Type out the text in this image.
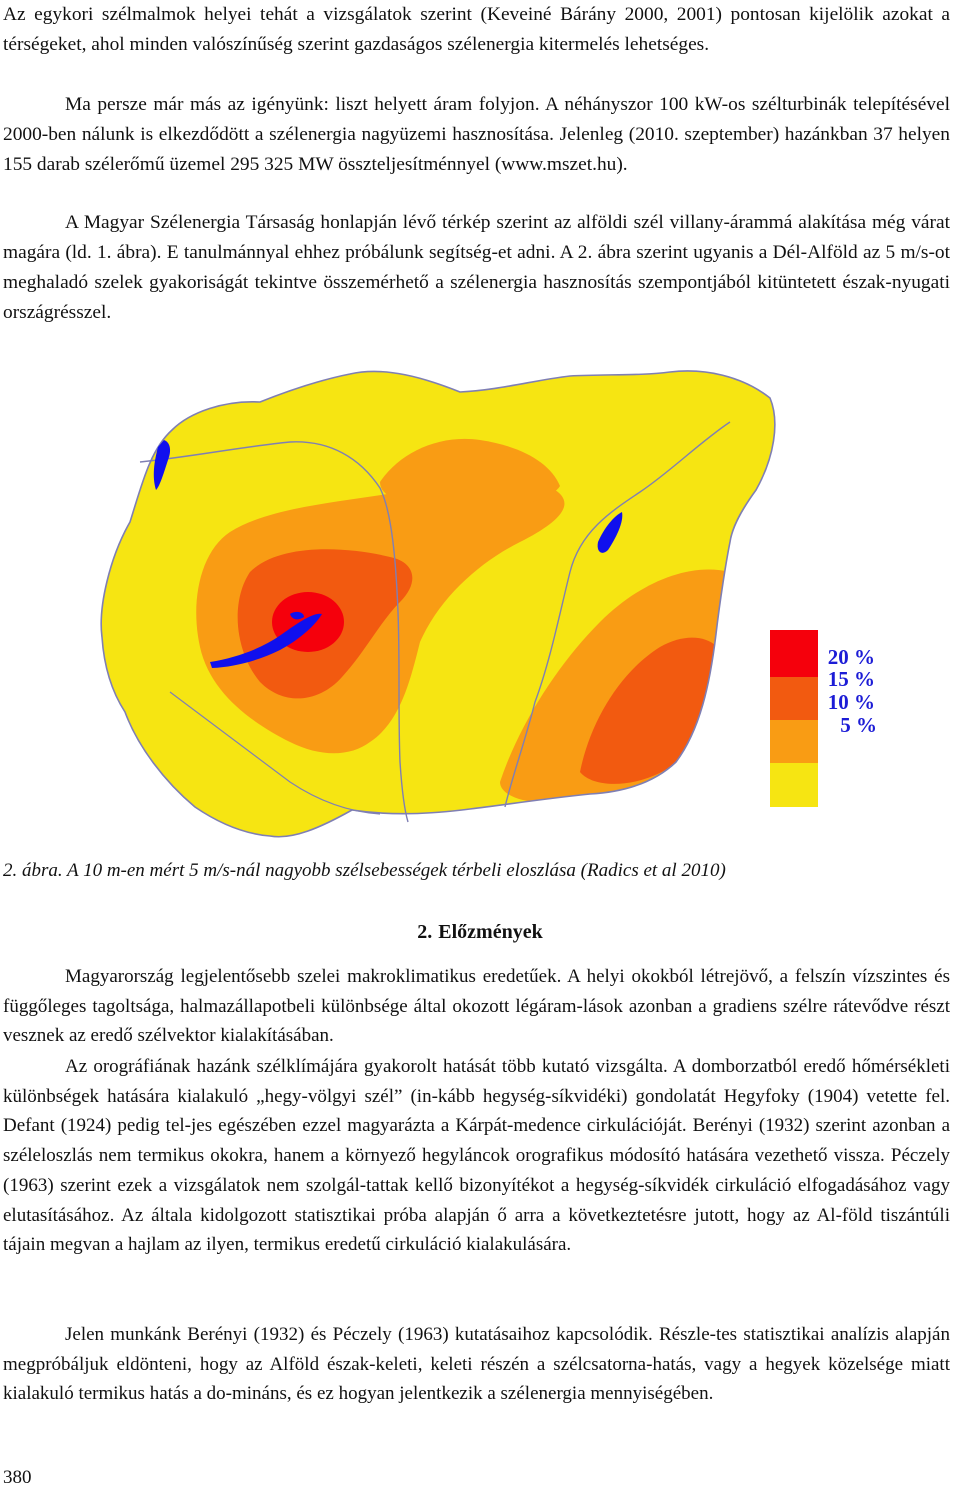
Az egykori szélmalmok helyei tehát a vizsgálatok szerint (Keveiné Bárány 2000, 2001) pontosan kijelölik azokat a térségeket, ahol minden valószínűség szerint gazdaságos szélenergia kitermelés lehetséges.

Ma persze már más az igényünk: liszt helyett áram folyjon. A néhányszor 100 kW-os szélturbinák telepítésével 2000-ben nálunk is elkezdődött a szélenergia nagyüzemi hasznosítása. Jelenleg (2010. szeptember) hazánkban 37 helyen 155 darab szélerőmű üzemel 295 325 MW összteljesítménnyel (www.mszet.hu).

A Magyar Szélenergia Társaság honlapján lévő térkép szerint az alföldi szél villany-árammá alakítása még várat magára (ld. 1. ábra). E tanulmánnyal ehhez próbálunk segítség-et adni. A 2. ábra szerint ugyanis a Dél-Alföld az 5 m/s-ot meghaladó szelek gyakoriságát tekintve összemérhető a szélenergia hasznosítás szempontjából kitüntetett észak-nyugati országrésszel.

20 %
15 %
10 %
5 %
2. ábra. A 10 m-en mért 5 m/s-nál nagyobb szélsebességek térbeli eloszlása (Radics et al 2010)
2. Előzmények

Magyarország legjelentősebb szelei makroklimatikus eredetűek. A helyi okokból létrejövő, a felszín vízszintes és függőleges tagoltsága, halmazállapotbeli különbsége által okozott légáram-lások azonban a gradiens szélre rátevődve részt vesznek az eredő szélvektor kialakításában.

Az orográfiának hazánk szélklímájára gyakorolt hatását több kutató vizsgálta. A domborzatból eredő hőmérsékleti különbségek hatására kialakuló „hegy-völgyi szél” (in-kább hegység-síkvidéki) gondolatát Hegyfoky (1904) vetette fel. Defant (1924) pedig tel-jes egészében ezzel magyarázta a Kárpát-medence cirkulációját. Berényi (1932) szerint azonban a széleloszlás nem termikus okokra, hanem a környező hegyláncok orografikus módosító hatására vezethető vissza. Péczely (1963) szerint ezek a vizsgálatok nem szolgál-tattak kellő bizonyítékot a hegység-síkvidék cirkuláció elfogadásához vagy elutasításához. Az általa kidolgozott statisztikai próba alapján ő arra a következtetésre jutott, hogy az Al-föld tiszántúli tájain megvan a hajlam az ilyen, termikus eredetű cirkuláció kialakulására.

Jelen munkánk Berényi (1932) és Péczely (1963) kutatásaihoz kapcsolódik. Részle-tes statisztikai analízis alapján megpróbáljuk eldönteni, hogy az Alföld észak-keleti, keleti részén a szélcsatorna-hatás, vagy a hegyek közelsége miatt kialakuló termikus hatás a do-mináns, és ez hogyan jelentkezik a szélenergia mennyiségében.

380
